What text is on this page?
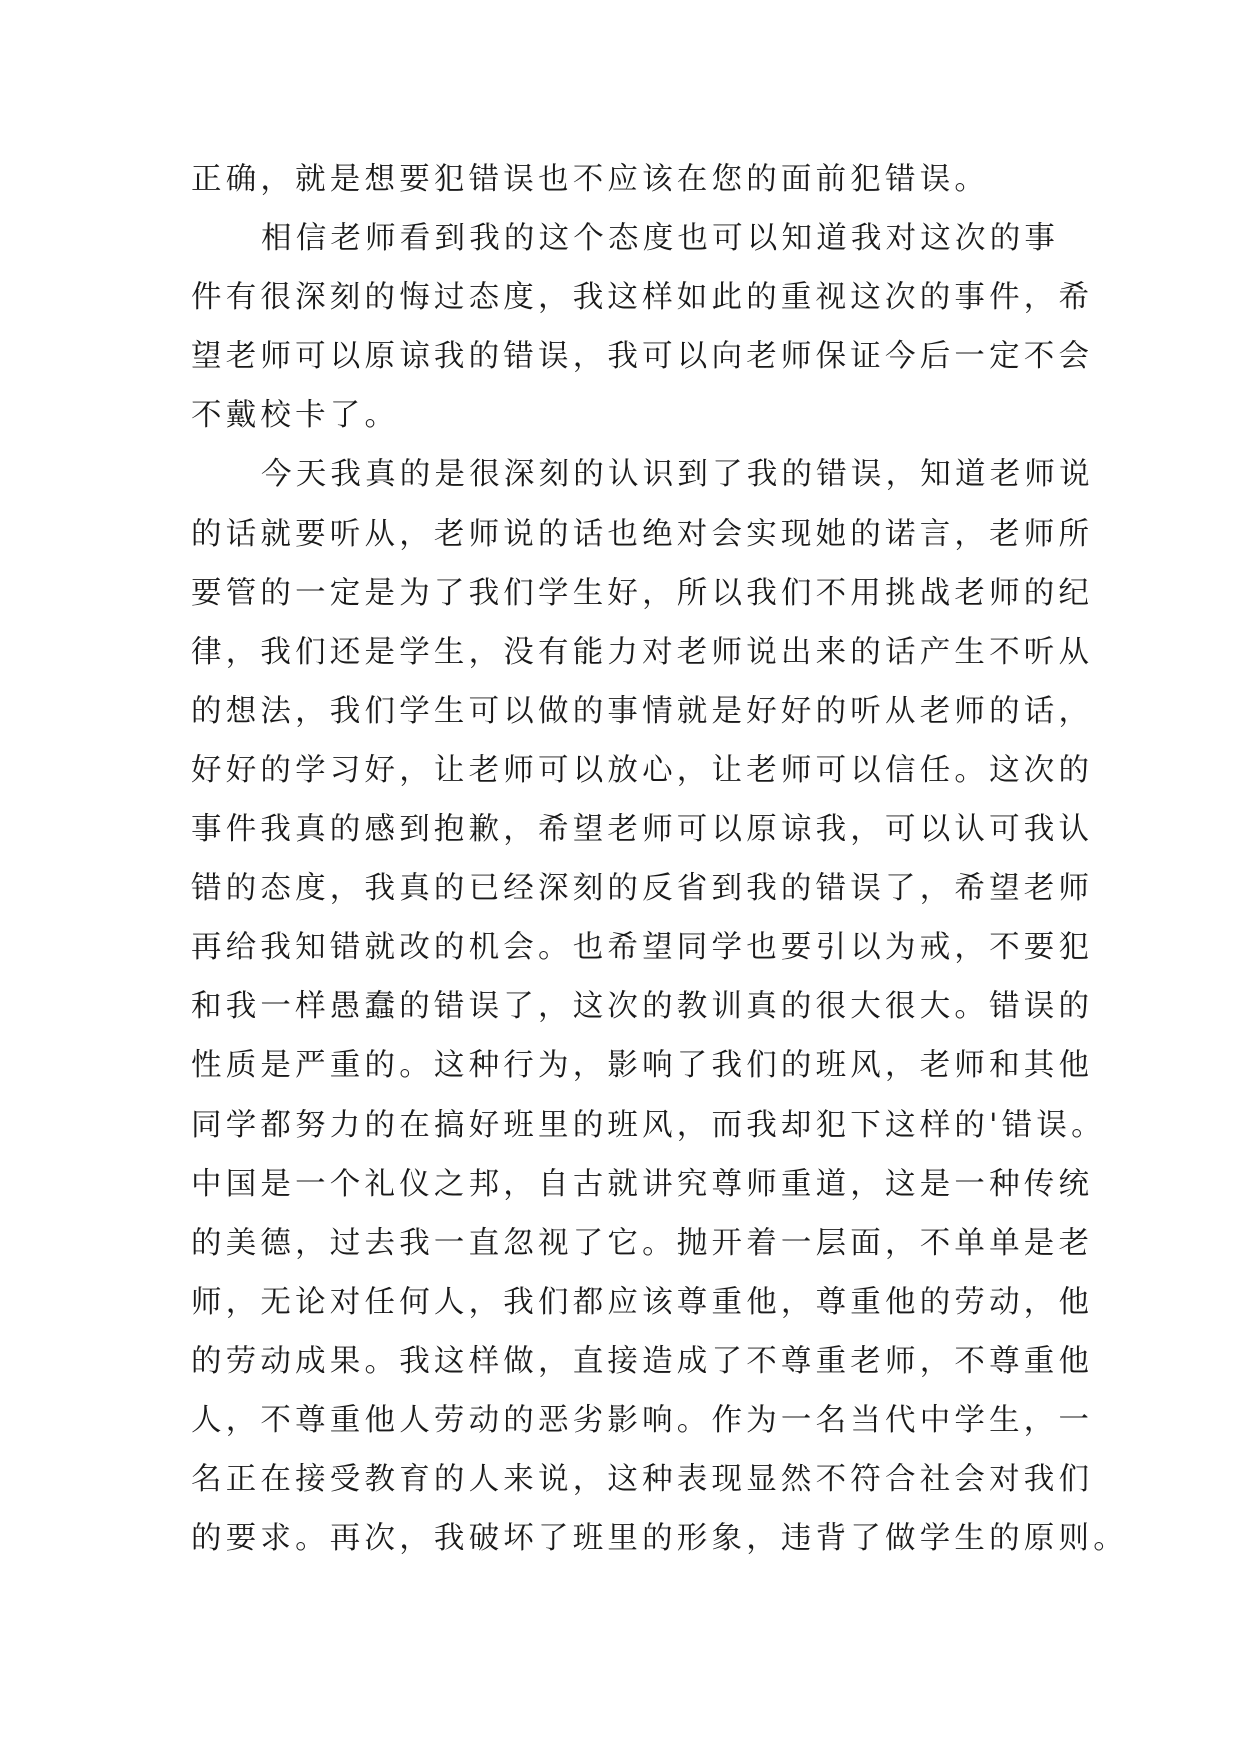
正确，就是想要犯错误也不应该在您的面前犯错误。
相信老师看到我的这个态度也可以知道我对这次的事
件有很深刻的悔过态度，我这样如此的重视这次的事件，希
望老师可以原谅我的错误，我可以向老师保证今后一定不会
不戴校卡了。
今天我真的是很深刻的认识到了我的错误，知道老师说
的话就要听从，老师说的话也绝对会实现她的诺言，老师所
要管的一定是为了我们学生好，所以我们不用挑战老师的纪
律，我们还是学生，没有能力对老师说出来的话产生不听从
的想法，我们学生可以做的事情就是好好的听从老师的话，
好好的学习好，让老师可以放心，让老师可以信任。这次的
事件我真的感到抱歉，希望老师可以原谅我，可以认可我认
错的态度，我真的已经深刻的反省到我的错误了，希望老师
再给我知错就改的机会。也希望同学也要引以为戒，不要犯
和我一样愚蠢的错误了，这次的教训真的很大很大。错误的
性质是严重的。这种行为，影响了我们的班风，老师和其他
同学都努力的在搞好班里的班风，而我却犯下这样的'错误。
中国是一个礼仪之邦，自古就讲究尊师重道，这是一种传统
的美德，过去我一直忽视了它。抛开着一层面，不单单是老
师，无论对任何人，我们都应该尊重他，尊重他的劳动，他
的劳动成果。我这样做，直接造成了不尊重老师，不尊重他
人，不尊重他人劳动的恶劣影响。作为一名当代中学生，一
名正在接受教育的人来说，这种表现显然不符合社会对我们
的要求。再次，我破坏了班里的形象，违背了做学生的原则。
